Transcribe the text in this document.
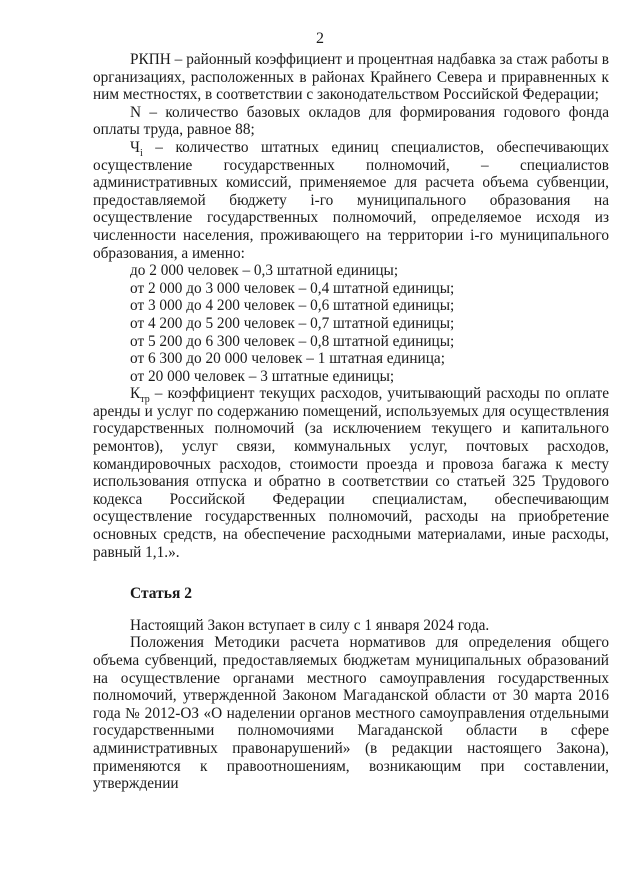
2

РКПН – районный коэффициент и процентная надбавка за стаж работы в организациях, расположенных в районах Крайнего Севера и приравненных к ним местностях, в соответствии с законодательством Российской Федерации;

N – количество базовых окладов для формирования годового фонда оплаты труда, равное 88;

$Ч_i$ – количество штатных единиц специалистов, обеспечивающих осуществление государственных полномочий, – специалистов административных комиссий, применяемое для расчета объема субвенции, предоставляемой бюджету i-го муниципального образования на осуществление государственных полномочий, определяемое исходя из численности населения, проживающего на территории i-го муниципального образования, а именно:

до 2 000 человек – 0,3 штатной единицы;

от 2 000 до 3 000 человек – 0,4 штатной единицы;

от 3 000 до 4 200 человек – 0,6 штатной единицы;

от 4 200 до 5 200 человек – 0,7 штатной единицы;

от 5 200 до 6 300 человек – 0,8 штатной единицы;

от 6 300 до 20 000 человек – 1 штатная единица;

от 20 000 человек – 3 штатные единицы;

$К_{тр}$ – коэффициент текущих расходов, учитывающий расходы по оплате аренды и услуг по содержанию помещений, используемых для осуществления государственных полномочий (за исключением текущего и капитального ремонтов), услуг связи, коммунальных услуг, почтовых расходов, командировочных расходов, стоимости проезда и провоза багажа к месту использования отпуска и обратно в соответствии со статьей 325 Трудового кодекса Российской Федерации специалистам, обеспечивающим осуществление государственных полномочий, расходы на приобретение основных средств, на обеспечение расходными материалами, иные расходы, равный 1,1.».

Статья 2

Настоящий Закон вступает в силу с 1 января 2024 года.

Положения Методики расчета нормативов для определения общего объема субвенций, предоставляемых бюджетам муниципальных образований на осуществление органами местного самоуправления государственных полномочий, утвержденной Законом Магаданской области от 30 марта 2016 года № 2012-ОЗ «О наделении органов местного самоуправления отдельными государственными полномочиями Магаданской области в сфере административных правонарушений» (в редакции настоящего Закона), применяются к правоотношениям, возникающим при составлении, утверждении
